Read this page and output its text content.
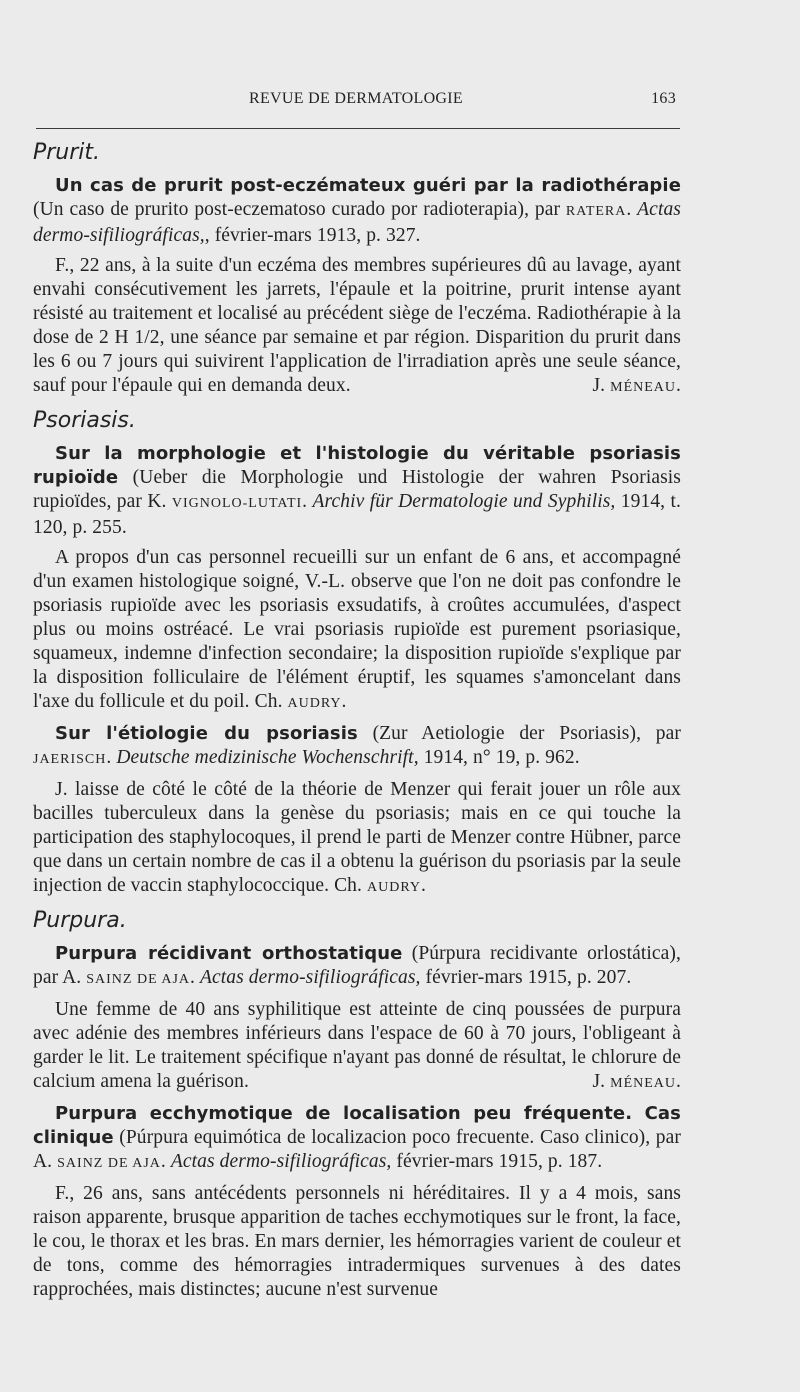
REVUE DE DERMATOLOGIE	163
Prurit.

Un cas de prurit post-eczémateux guéri par la radiothérapie (Un caso de prurito post-eczematoso curado por radioterapia), par RATERA. Actas dermo-sifiliográficas,, février-mars 1913, p. 327.

F., 22 ans, à la suite d'un eczéma des membres supérieures dû au lavage, ayant envahi consécutivement les jarrets, l'épaule et la poitrine, prurit intense ayant résisté au traitement et localisé au précédent siège de l'eczéma. Radiothérapie à la dose de 2 H 1/2, une séance par semaine et par région. Disparition du prurit dans les 6 ou 7 jours qui suivirent l'application de l'irradiation après une seule séance, sauf pour l'épaule qui en demanda deux.	J. MÉNEAU.

Psoriasis.

Sur la morphologie et l'histologie du véritable psoriasis rupioïde (Ueber die Morphologie und Histologie der wahren Psoriasis rupioïdes, par K. VIGNOLO-LUTATI. Archiv für Dermatologie und Syphilis, 1914, t. 120, p. 255.

A propos d'un cas personnel recueilli sur un enfant de 6 ans, et accompagné d'un examen histologique soigné, V.-L. observe que l'on ne doit pas confondre le psoriasis rupioïde avec les psoriasis exsudatifs, à croûtes accumulées, d'aspect plus ou moins ostréacé. Le vrai psoriasis rupioïde est purement psoriasique, squameux, indemne d'infection secondaire; la disposition rupioïde s'explique par la disposition folliculaire de l'élément éruptif, les squames s'amoncelant dans l'axe du follicule et du poil. Ch. AUDRY.

Sur l'étiologie du psoriasis (Zur Aetiologie der Psoriasis), par JAERISCH. Deutsche medizinische Wochenschrift, 1914, n° 19, p. 962.

J. laisse de côté le côté de la théorie de Menzer qui ferait jouer un rôle aux bacilles tuberculeux dans la genèse du psoriasis; mais en ce qui touche la participation des staphylocoques, il prend le parti de Menzer contre Hübner, parce que dans un certain nombre de cas il a obtenu la guérison du psoriasis par la seule injection de vaccin staphylococcique. Ch. AUDRY.

Purpura.

Purpura récidivant orthostatique (Púrpura recidivante orlostática), par A. SAINZ DE AJA. Actas dermo-sifiliográficas, février-mars 1915, p. 207.

Une femme de 40 ans syphilitique est atteinte de cinq poussées de purpura avec adénie des membres inférieurs dans l'espace de 60 à 70 jours, l'obligeant à garder le lit. Le traitement spécifique n'ayant pas donné de résultat, le chlorure de calcium amena la guérison.	J. MÉNEAU.

Purpura ecchymotique de localisation peu fréquente. Cas clinique (Púrpura equimótica de localizacion poco frecuente. Caso clinico), par A. SAINZ DE AJA. Actas dermo-sifiliográficas, février-mars 1915, p. 187.

F., 26 ans, sans antécédents personnels ni héréditaires. Il y a 4 mois, sans raison apparente, brusque apparition de taches ecchymotiques sur le front, la face, le cou, le thorax et les bras. En mars dernier, les hémorragies varient de couleur et de tons, comme des hémorragies intradermiques survenues à des dates rapprochées, mais distinctes; aucune n'est survenue
